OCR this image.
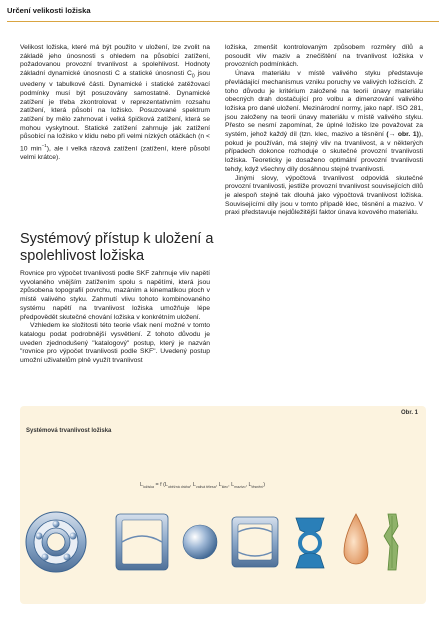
Určení velikosti ložiska

Velikost ložiska, které má být použito v uložení, lze zvolit na základě jeho únosnosti s ohledem na působící zatížení, požadovanou provozní trvanlivost a spolehlivost. Hodnoty základní dynamické únosnosti C a statické únosnosti $C_0$ jsou uvedeny v tabulkové části. Dynamické i statické zatěžovací podmínky musí být posuzovány samostatně. Dynamické zatížení je třeba zkontrolovat v reprezentativním rozsahu zatížení, která působí na ložisko. Posuzované spektrum zatížení by mělo zahrnovat i velká špičková zatížení, která se mohou vyskytnout. Statické zatížení zahrnuje jak zatížení působící na ložisko v klidu nebo při velmi nízkých otáčkách (n < 10 $\min^{-1}$), ale i velká rázová zatížení (zatížení, které působí velmi krátce).

Systémový přístup k uložení a spolehlivost ložiska

Rovnice pro výpočet trvanlivosti podle SKF zahrnuje vliv napětí vyvolaného vnějším zatížením spolu s napětími, která jsou způsobena topografií povrchu, mazáním a kinematikou ploch v místě valivého styku. Zahrnutí vlivu tohoto kombinovaného systému napětí na trvanlivost ložiska umožňuje lépe předpovědět skutečné chování ložiska v konkrétním uložení.

Vzhledem ke složitosti této teorie však není možné v tomto katalogu podat podrobnější vysvětlení. Z tohoto důvodu je uveden zjednodušený "katalogový" postup, který je nazván "rovnice pro výpočet trvanlivosti podle SKF". Uvedený postup umožní uživatelům plně využít trvanlivost

ložiska, zmenšit kontrolovaným způsobem rozměry dílů a posoudit vliv maziv a znečištění na trvanlivost ložiska v provozních podmínkách.

Únava materiálu v místě valivého styku představuje převládající mechanismus vzniku poruchy ve valivých ložiscích. Z toho důvodu je kritérium založené na teorii únavy materiálu obecných drah dostačující pro volbu a dimenzování valivého ložiska pro dané uložení. Mezinárodní normy, jako např. ISO 281, jsou založeny na teorii únavy materiálu v místě valivého styku. Přesto se nesmí zapomínat, že úplné ložisko lze považovat za systém, jehož každý díl (tzn. klec, mazivo a těsnění (→ obr. 1)), pokud je používán, má stejný vliv na trvanlivost, a v některých případech dokonce rozhoduje o skutečné provozní trvanlivosti ložiska. Teoreticky je dosaženo optimální provozní trvanlivosti tehdy, když všechny díly dosáhnou stejné trvanlivosti.

Jinými slovy, výpočtová trvanlivost odpovídá skutečné provozní trvanlivosti, jestliže provozní trvanlivost souvisejících dílů je alespoň stejně tak dlouhá jako výpočtová trvanlivost ložiska. Souvisejícími díly jsou v tomto případě klec, těsnění a mazivo. V praxi představuje nejdůležitější faktor únava kovového materiálu.

Obr. 1
Systémová trvanlivost ložiska
$L_{ložiska} = f$ ($L_{oběžná dráha}$, $L_{valivá tělesa}$, $L_{klec}$, $L_{mazivo}$, $L_{těsnění}$)
